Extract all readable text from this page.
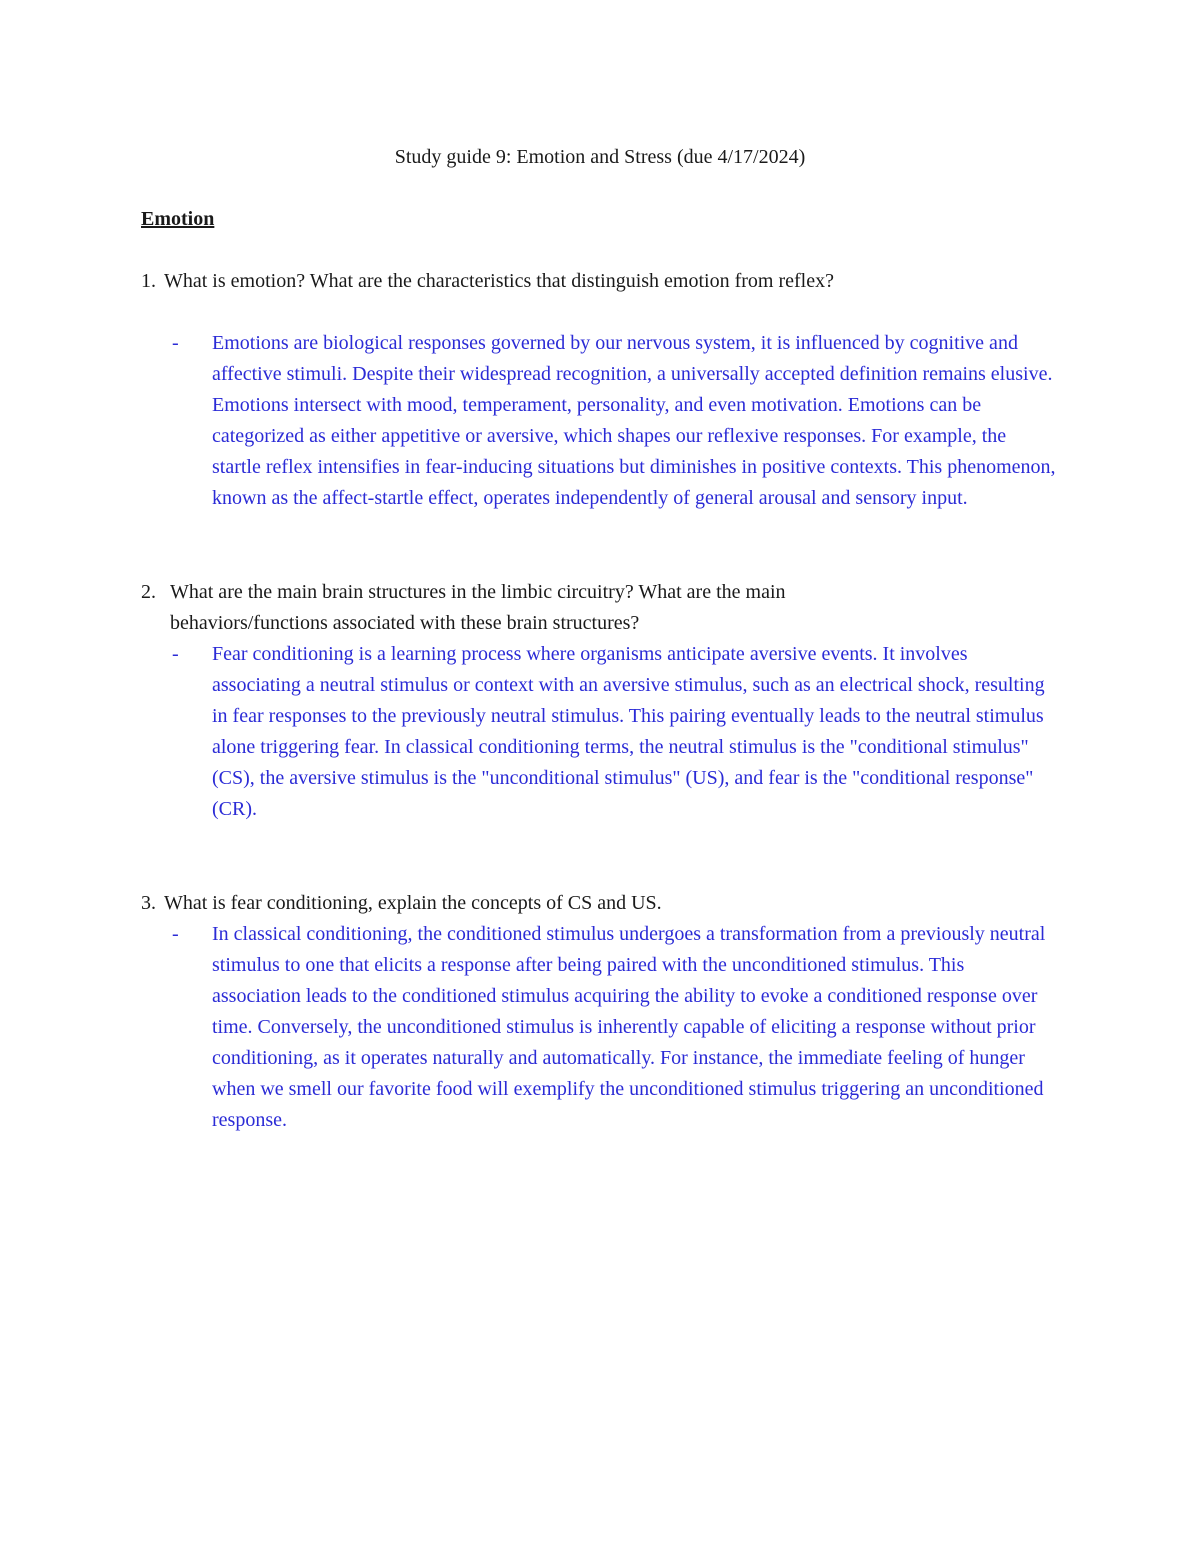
Study guide 9: Emotion and Stress (due 4/17/2024)
Emotion

1. What is emotion? What are the characteristics that distinguish emotion from reflex?

-	Emotions are biological responses governed by our nervous system, it is influenced by cognitive and affective stimuli. Despite their widespread recognition, a universally accepted definition remains elusive. Emotions intersect with mood, temperament, personality, and even motivation. Emotions can be categorized as either appetitive or aversive, which shapes our reflexive responses. For example, the startle reflex intensifies in fear-inducing situations but diminishes in positive contexts. This phenomenon, known as the affect-startle effect, operates independently of general arousal and sensory input.

2. What are the main brain structures in the limbic circuitry? What are the main behaviors/functions associated with these brain structures?

-	Fear conditioning is a learning process where organisms anticipate aversive events. It involves associating a neutral stimulus or context with an aversive stimulus, such as an electrical shock, resulting in fear responses to the previously neutral stimulus. This pairing eventually leads to the neutral stimulus alone triggering fear. In classical conditioning terms, the neutral stimulus is the "conditional stimulus" (CS), the aversive stimulus is the "unconditional stimulus" (US), and fear is the "conditional response" (CR).

3. What is fear conditioning, explain the concepts of CS and US.

-	In classical conditioning, the conditioned stimulus undergoes a transformation from a previously neutral stimulus to one that elicits a response after being paired with the unconditioned stimulus. This association leads to the conditioned stimulus acquiring the ability to evoke a conditioned response over time. Conversely, the unconditioned stimulus is inherently capable of eliciting a response without prior conditioning, as it operates naturally and automatically. For instance, the immediate feeling of hunger when we smell our favorite food will exemplify the unconditioned stimulus triggering an unconditioned response.
